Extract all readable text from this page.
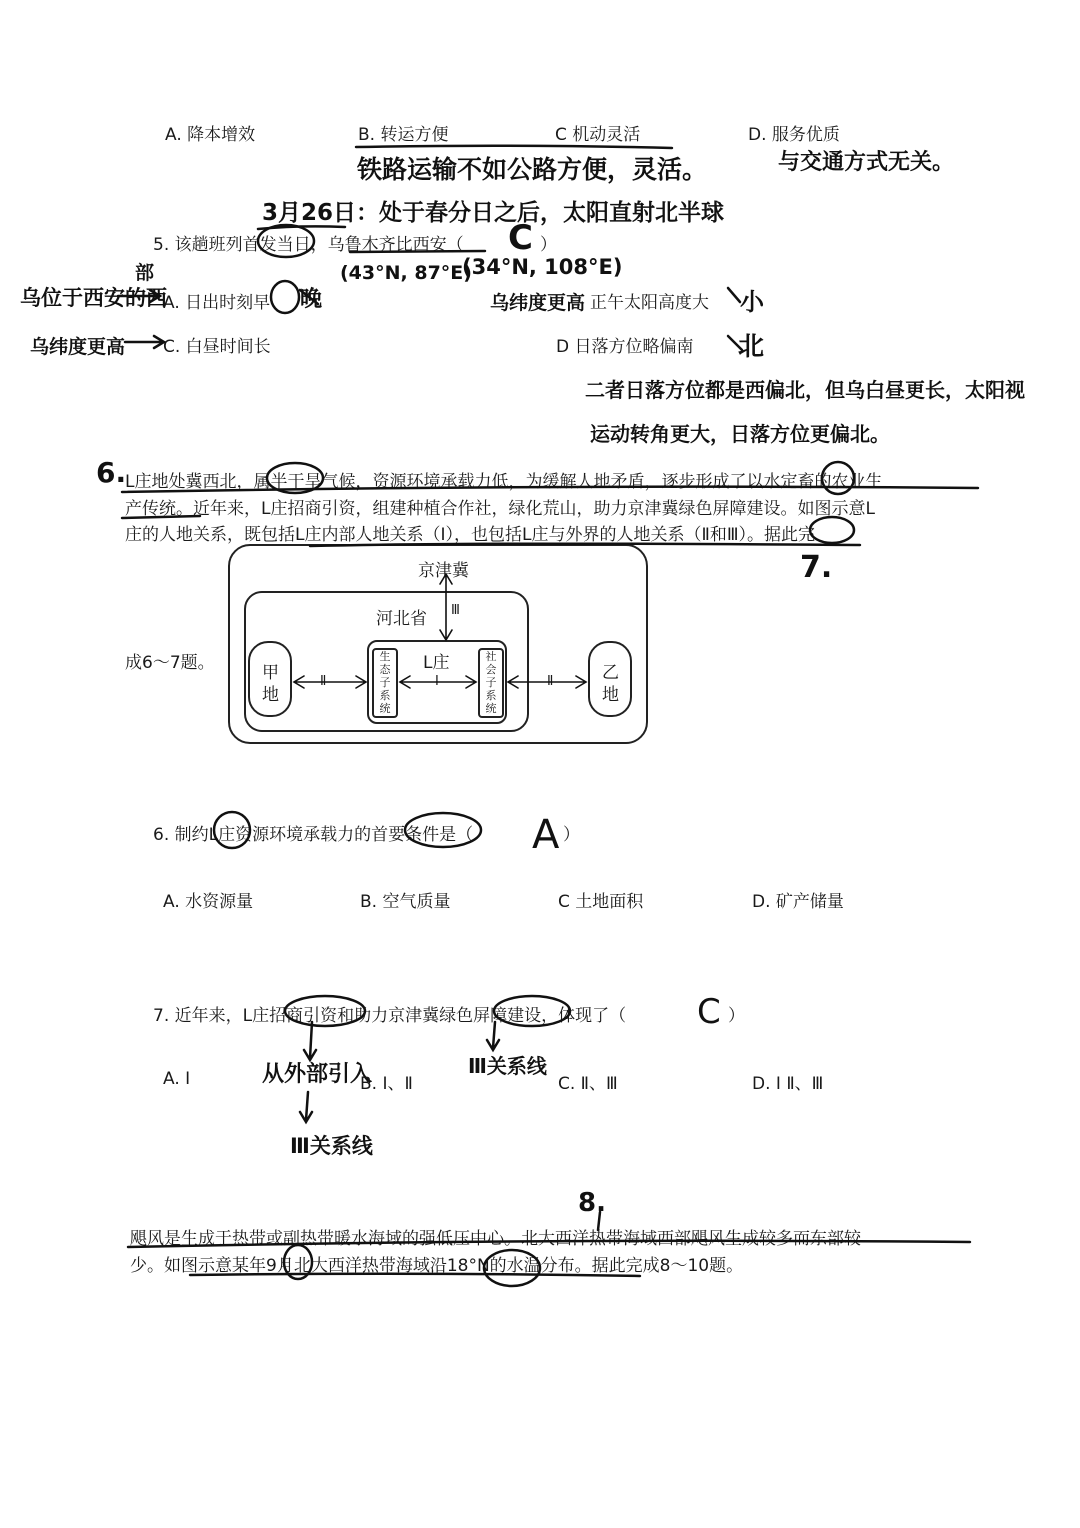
A. 降本增效	B. 转运方便	C 机动灵活	D. 服务优质
铁路运输不如公路方便，灵活。	与交通方式无关。
3月26日：处于春分日之后，太阳直射北半球
5. 该趟班列首发当日，乌鲁木齐比西安（ C ）
(43°N, 87°E)
(34°N, 108°E)
乌位于西安的西
部
A. 日出时刻早 晚	乌纬度更高 正午太阳高度大 小
乌纬度更高 C. 白昼时间长	D 日落方位略偏南 北
二者日落方位都是西偏北，但乌白昼更长，太阳视
运动转角更大，日落方位更偏北。
6.
L庄地处冀西北，属半干旱气候，资源环境承载力低，为缓解人地矛盾，逐步形成了以水定畜的农业生
产传统。近年来，L庄招商引资，组建种植合作社，绿化荒山，助力京津冀绿色屏障建设。如图示意L
庄的人地关系，既包括L庄内部人地关系（Ⅰ），也包括L庄与外界的人地关系（Ⅱ和Ⅲ）。据此完
7.
成6～7题。
京津冀
河北省 Ⅲ
L庄
Ⅰ
Ⅱ	Ⅱ
甲地
乙地
生态子系统
社会子系统
6. 制约L庄资源环境承载力的首要条件是（ A ）
A. 水资源量	B. 空气质量	C 土地面积	D. 矿产储量
7. 近年来，L庄招商引资和助力京津冀绿色屏障建设，体现了（ C ）
A. Ⅰ	从外部引入
B. Ⅰ、Ⅱ
Ⅲ关系线
C. Ⅱ、Ⅲ	D. Ⅰ Ⅱ、Ⅲ
Ⅲ关系线
8.
飓风是生成于热带或副热带暖水海域的强低压中心。北大西洋热带海域西部飓风生成较多而东部较
少。如图示意某年9月北大西洋热带海域沿18°N的水温分布。据此完成8～10题。
